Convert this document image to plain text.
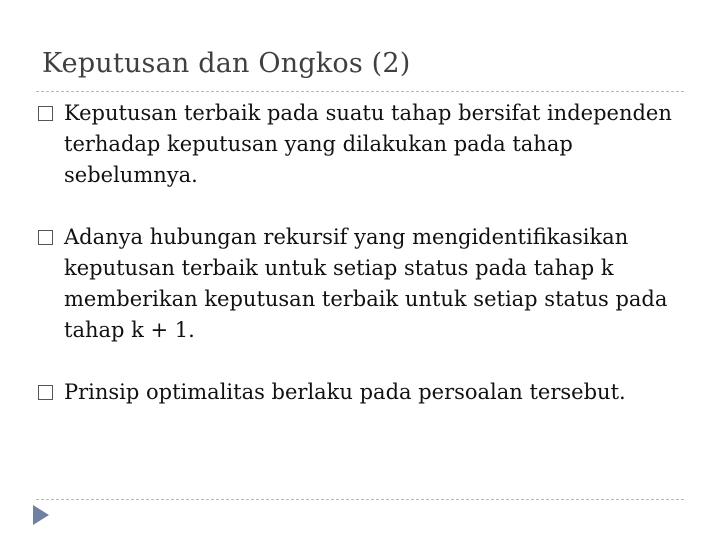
Keputusan dan Ongkos (2)
Keputusan terbaik pada suatu tahap bersifat independen terhadap keputusan yang dilakukan pada tahap sebelumnya.
Adanya hubungan rekursif yang mengidentifikasikan keputusan terbaik untuk setiap status pada tahap k memberikan keputusan terbaik untuk setiap status pada tahap k + 1.
Prinsip optimalitas berlaku pada persoalan tersebut.
